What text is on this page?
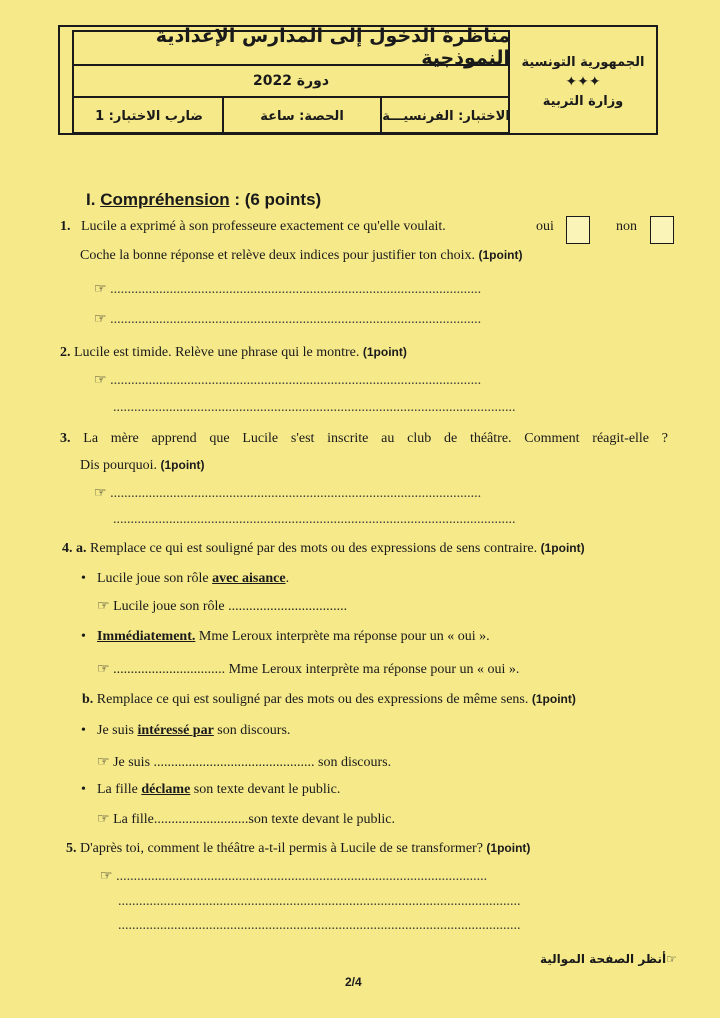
مناظرة الدخول إلى المدارس الإعدادية النموذجية
دورة 2022
الاختبار: الفرنسيـــة
الحصة: ساعة
ضارب الاختبار: 1
الجمهورية التونسية
✦✦✦
وزارة التربية
I. Compréhension : (6 points)
1. Lucile a exprimé à son professeure exactement ce qu'elle voulait.	oui	non
Coche la bonne réponse et relève deux indices pour justifier ton choix. (1point)
☞ ..........................................................................................................
☞ ..........................................................................................................
2. Lucile est timide. Relève une phrase qui le montre. (1point)
☞ ..........................................................................................................
...................................................................................................................
3. La mère apprend que Lucile s'est inscrite au club de théâtre. Comment réagit-elle ?
Dis pourquoi. (1point)
☞ ..........................................................................................................
...................................................................................................................
4. a. Remplace ce qui est souligné par des mots ou des expressions de sens contraire. (1point)
• Lucile joue son rôle avec aisance.
☞ Lucile joue son rôle ..................................
• Immédiatement. Mme Leroux interprète ma réponse pour un « oui ».
☞ ................................ Mme Leroux interprète ma réponse pour un « oui ».
b. Remplace ce qui est souligné par des mots ou des expressions de même sens. (1point)
• Je suis intéressé par son discours.
☞ Je suis .............................................. son discours.
• La fille déclame son texte devant le public.
☞ La fille...........................son texte devant le public.
5. D'après toi, comment le théâtre a-t-il permis à Lucile de se transformer? (1point)
☞ ..........................................................................................................
...................................................................................................................
...................................................................................................................
☞أنظر الصفحة الموالية
2/4
